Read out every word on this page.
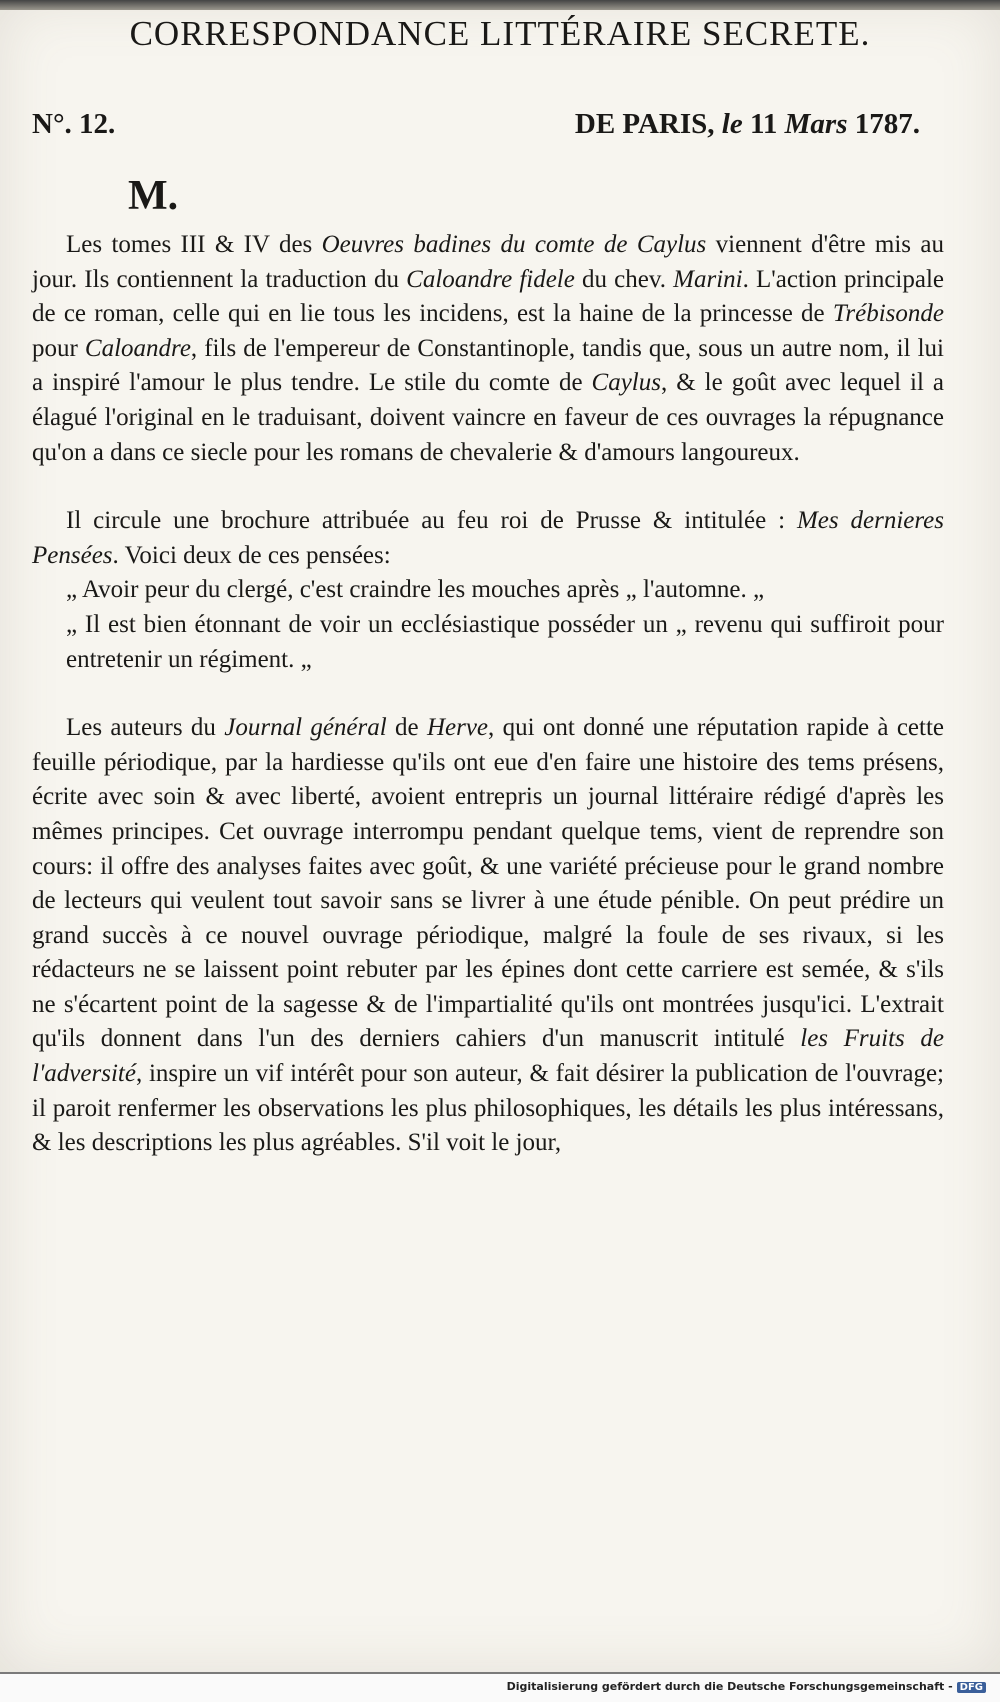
CORRESPONDANCE LITTÉRAIRE SECRETE.
N°. 12.	DE PARIS, le 11 Mars 1787.
M.

Les tomes III & IV des Oeuvres badines du comte de Caylus viennent d'être mis au jour. Ils contiennent la traduction du Caloandre fidele du chev. Marini. L'action principale de ce roman, celle qui en lie tous les incidens, est la haine de la princesse de Trébisonde pour Caloandre, fils de l'empereur de Constantinople, tandis que, sous un autre nom, il lui a inspiré l'amour le plus tendre. Le stile du comte de Caylus, & le goût avec lequel il a élagué l'original en le traduisant, doivent vaincre en faveur de ces ouvrages la répugnance qu'on a dans ce siecle pour les romans de chevalerie & d'amours langoureux.

Il circule une brochure attribuée au feu roi de Prusse & intitulée : Mes dernieres Pensées. Voici deux de ces pensées:

„ Avoir peur du clergé, c'est craindre les mouches après „ l'automne. „

„ Il est bien étonnant de voir un ecclésiastique posséder un „ revenu qui suffiroit pour entretenir un régiment. „

Les auteurs du Journal général de Herve, qui ont donné une réputation rapide à cette feuille périodique, par la hardiesse qu'ils ont eue d'en faire une histoire des tems présens, écrite avec soin & avec liberté, avoient entrepris un journal littéraire rédigé d'après les mêmes principes. Cet ouvrage interrompu pendant quelque tems, vient de reprendre son cours: il offre des analyses faites avec goût, & une variété précieuse pour le grand nombre de lecteurs qui veulent tout savoir sans se livrer à une étude pénible. On peut prédire un grand succès à ce nouvel ouvrage périodique, malgré la foule de ses rivaux, si les rédacteurs ne se laissent point rebuter par les épines dont cette carriere est semée, & s'ils ne s'écartent point de la sagesse & de l'impartialité qu'ils ont montrées jusqu'ici. L'extrait qu'ils donnent dans l'un des derniers cahiers d'un manuscrit intitulé les Fruits de l'adversité, inspire un vif intérêt pour son auteur, & fait désirer la publication de l'ouvrage; il paroit renfermer les observations les plus philosophiques, les détails les plus intéressans, & les descriptions les plus agréables. S'il voit le jour,

Digitalisierung gefördert durch die Deutsche Forschungsgemeinschaft - DFG
